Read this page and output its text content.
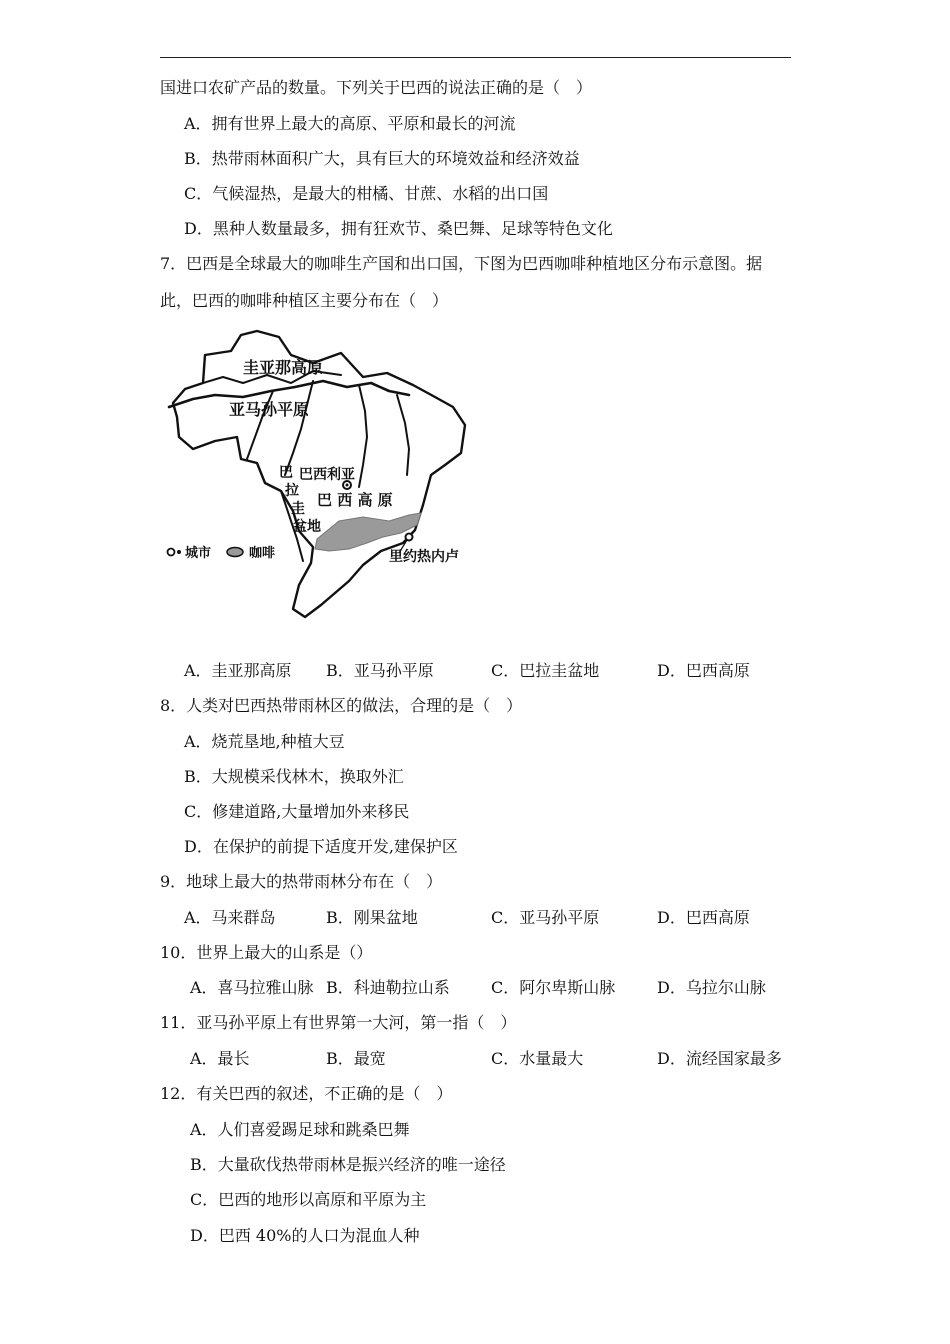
国进口农矿产品的数量。下列关于巴西的说法正确的是（　）
A．拥有世界上最大的高原、平原和最长的河流
B．热带雨林面积广大，具有巨大的环境效益和经济效益
C．气候湿热，是最大的柑橘、甘蔗、水稻的出口国
D．黑种人数量最多，拥有狂欢节、桑巴舞、足球等特色文化
7．巴西是全球最大的咖啡生产国和出口国，下图为巴西咖啡种植地区分布示意图。据
此，巴西的咖啡种植区主要分布在（　）
圭亚那高原
亚马孙平原
巴西利亚
巴 西 高 原
巴
拉
圭
盆地
里约热内卢
城市	咖啡
A．圭亚那高原 B．亚马孙平原	C．巴拉圭盆地	D．巴西高原
8．人类对巴西热带雨林区的做法，合理的是（　）
A．烧荒垦地,种植大豆
B．大规模采伐林木，换取外汇
C．修建道路,大量增加外来移民
D．在保护的前提下适度开发,建保护区
9．地球上最大的热带雨林分布在（　）
A．马来群岛	B．刚果盆地	C．亚马孙平原	D．巴西高原
10．世界上最大的山系是（）
A．喜马拉雅山脉 B．科迪勒拉山系	C．阿尔卑斯山脉	D．乌拉尔山脉
11．亚马孙平原上有世界第一大河，第一指（　）
A．最长	B．最宽	C．水量最大	D．流经国家最多
12．有关巴西的叙述，不正确的是（　）
A．人们喜爱踢足球和跳桑巴舞
B．大量砍伐热带雨林是振兴经济的唯一途径
C．巴西的地形以高原和平原为主
D．巴西 40%的人口为混血人种
